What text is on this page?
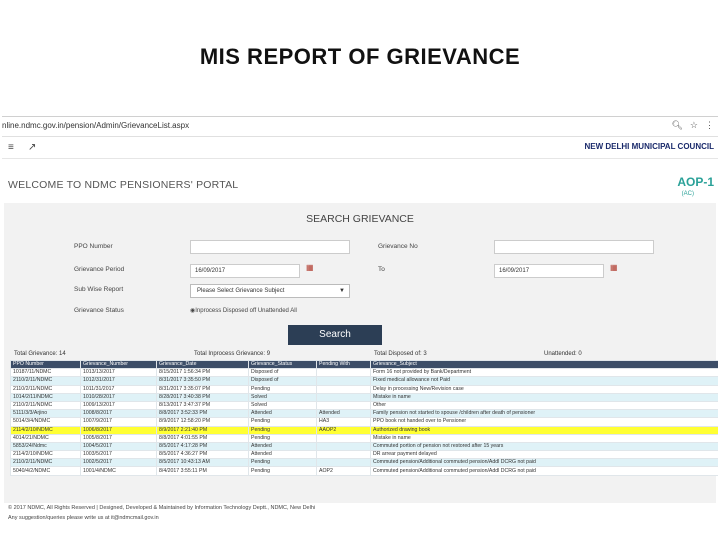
MIS REPORT OF GRIEVANCE
nline.ndmc.gov.in/pension/Admin/GrievanceList.aspx	🔍︎ ☆ ⋮
≡ ↗	NEW DELHI MUNICIPAL COUNCIL
WELCOME TO NDMC PENSIONERS' PORTAL	AOP-1
(AC)
SEARCH GRIEVANCE
PPO Number	Grievance No
Grievance Period	16/09/2017	▦	To	16/09/2017	▦
Sub Wise Report	Please Select Grievance Subject	▼
Grievance Status	◉Inprocess Disposed off Unattended All
Search
Total Grievance: 14	Total Inprocess Grievance: 9	Total Disposed of: 3	Unattended: 0
PPO Number	Grievance_Number	Grievance_Date	Grievance_Status	Pending With	Grievance_Subject
10187/11/NDMC	1013/13/2017	8/15/2017 1:56:34 PM	Disposed of		Form 16 not provided by Bank/Department
2110/2/11/NDMC	1012/31/2017	8/31/2017 3:35:50 PM	Disposed of		Fixed medical allowance not Paid
2110/2/11/NDMC	1011/31/2017	8/31/2017 3:35:07 PM	Pending		Delay in processing New/Revision case
1014/2/11/NDMC	1010/28/2017	8/28/2017 3:40:38 PM	Solved		Mistake in name
2110/2/11/NDMC	1009/13/2017	8/13/2017 3:47:37 PM	Solved		Other
5111/3/3/Arjino	1008/8/2017	8/8/2017 3:52:33 PM	Attended	Attended	Family pension not started to spouse /children after death of pensioner
5014/3/4/NDMC	1007/9/2017	8/9/2017 12:58:20 PM	Pending	HA3	PPO book not handed over to Pensioner
2114/2/10/NDMC	1006/8/2017	8/9/2017 2:21:40 PM	Pending	AAOP2	Authorized drawing book
4014/21/NDMC	1005/8/2017	8/8/2017 4:01:55 PM	Pending		Mistake in name
5853/24/Ndmc	1004/5/2017	8/5/2017 4:17:28 PM	Attended		Commuted portion of pension not restored after 15 years
2114/2/10/NDMC	1003/5/2017	8/5/2017 4:36:27 PM	Attended		DR arrear payment delayed
2110/2/11/NDMC	1002/5/2017	8/5/2017 10:43:13 AM	Pending		Commuted pension/Additional commuted pension/Addl DCRG not paid
5040/4/2/NDMC	1001/4/NDMC	8/4/2017 3:55:11 PM	Pending	AOP2	Commuted pension/Additional commuted pension/Addl DCRG not paid
© 2017 NDMC, All Rights Reserved | Designed, Developed & Maintained by Information Technology Deptt., NDMC, New Delhi
Any suggestion/queries please write us at it@ndmcmail.gov.in
